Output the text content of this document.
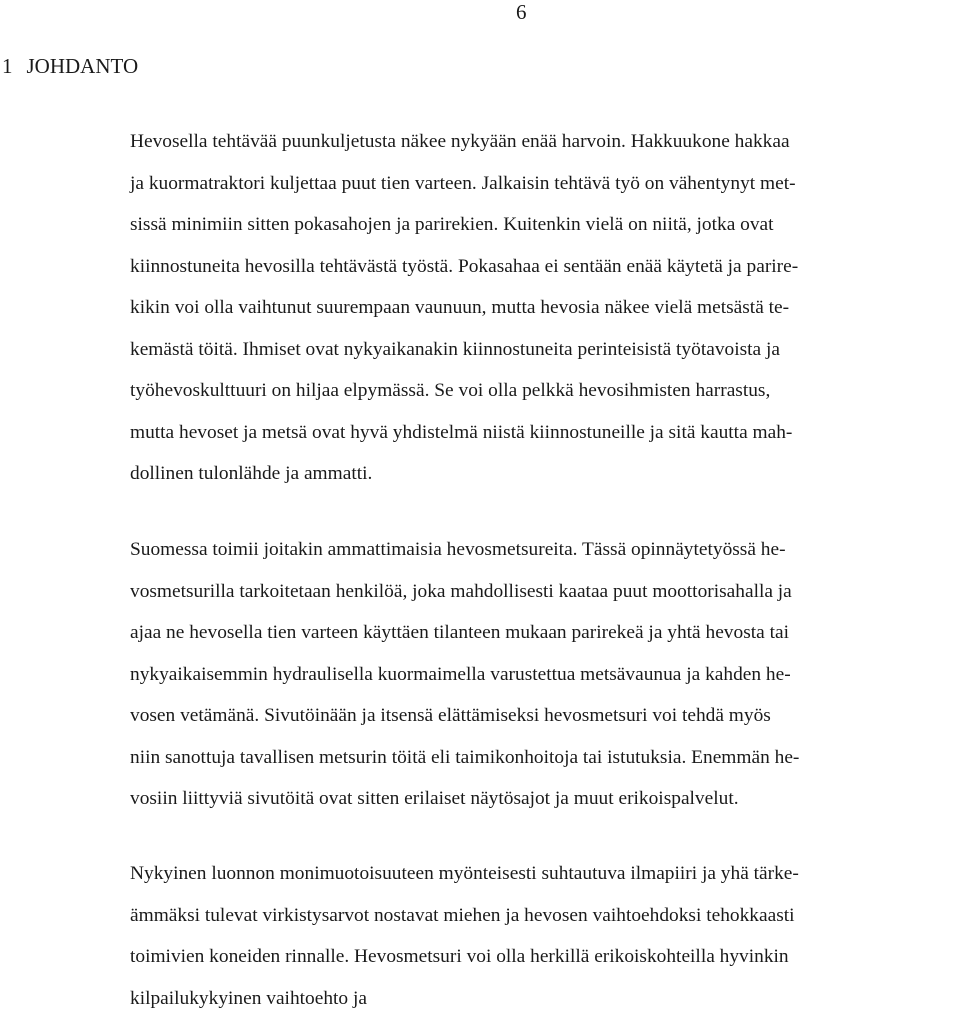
6
1 JOHDANTO

Hevosella tehtävää puunkuljetusta näkee nykyään enää harvoin. Hakkuukone hakkaa
ja kuormatraktori kuljettaa puut tien varteen. Jalkaisin tehtävä työ on vähentynyt met-
sissä minimiin sitten pokasahojen ja parirekien. Kuitenkin vielä on niitä, jotka ovat
kiinnostuneita hevosilla tehtävästä työstä. Pokasahaa ei sentään enää käytetä ja parire-
kikin voi olla vaihtunut suurempaan vaunuun, mutta hevosia näkee vielä metsästä te-
kemästä töitä. Ihmiset ovat nykyaikanakin kiinnostuneita perinteisistä työtavoista ja
työhevoskulttuuri on hiljaa elpymässä. Se voi olla pelkkä hevosihmisten harrastus,
mutta hevoset ja metsä ovat hyvä yhdistelmä niistä kiinnostuneille ja sitä kautta mah-
dollinen tulonlähde ja ammatti.

Suomessa toimii joitakin ammattimaisia hevosmetsureita. Tässä opinnäytetyössä he-
vosmetsurilla tarkoitetaan henkilöä, joka mahdollisesti kaataa puut moottorisahalla ja
ajaa ne hevosella tien varteen käyttäen tilanteen mukaan parirekeä ja yhtä hevosta tai
nykyaikaisemmin hydraulisella kuormaimella varustettua metsävaunua ja kahden he-
vosen vetämänä. Sivutöinään ja itsensä elättämiseksi hevosmetsuri voi tehdä myös
niin sanottuja tavallisen metsurin töitä eli taimikonhoitoja tai istutuksia. Enemmän he-
vosiin liittyviä sivutöitä ovat sitten erilaiset näytösajot ja muut erikoispalvelut.

Nykyinen luonnon monimuotoisuuteen myönteisesti suhtautuva ilmapiiri ja yhä tärke-
ämmäksi tulevat virkistysarvot nostavat miehen ja hevosen vaihtoehdoksi tehokkaasti
toimivien koneiden rinnalle. Hevosmetsuri voi olla herkillä erikoiskohteilla hyvinkin
kilpailukykyinen vaihtoehto ja
